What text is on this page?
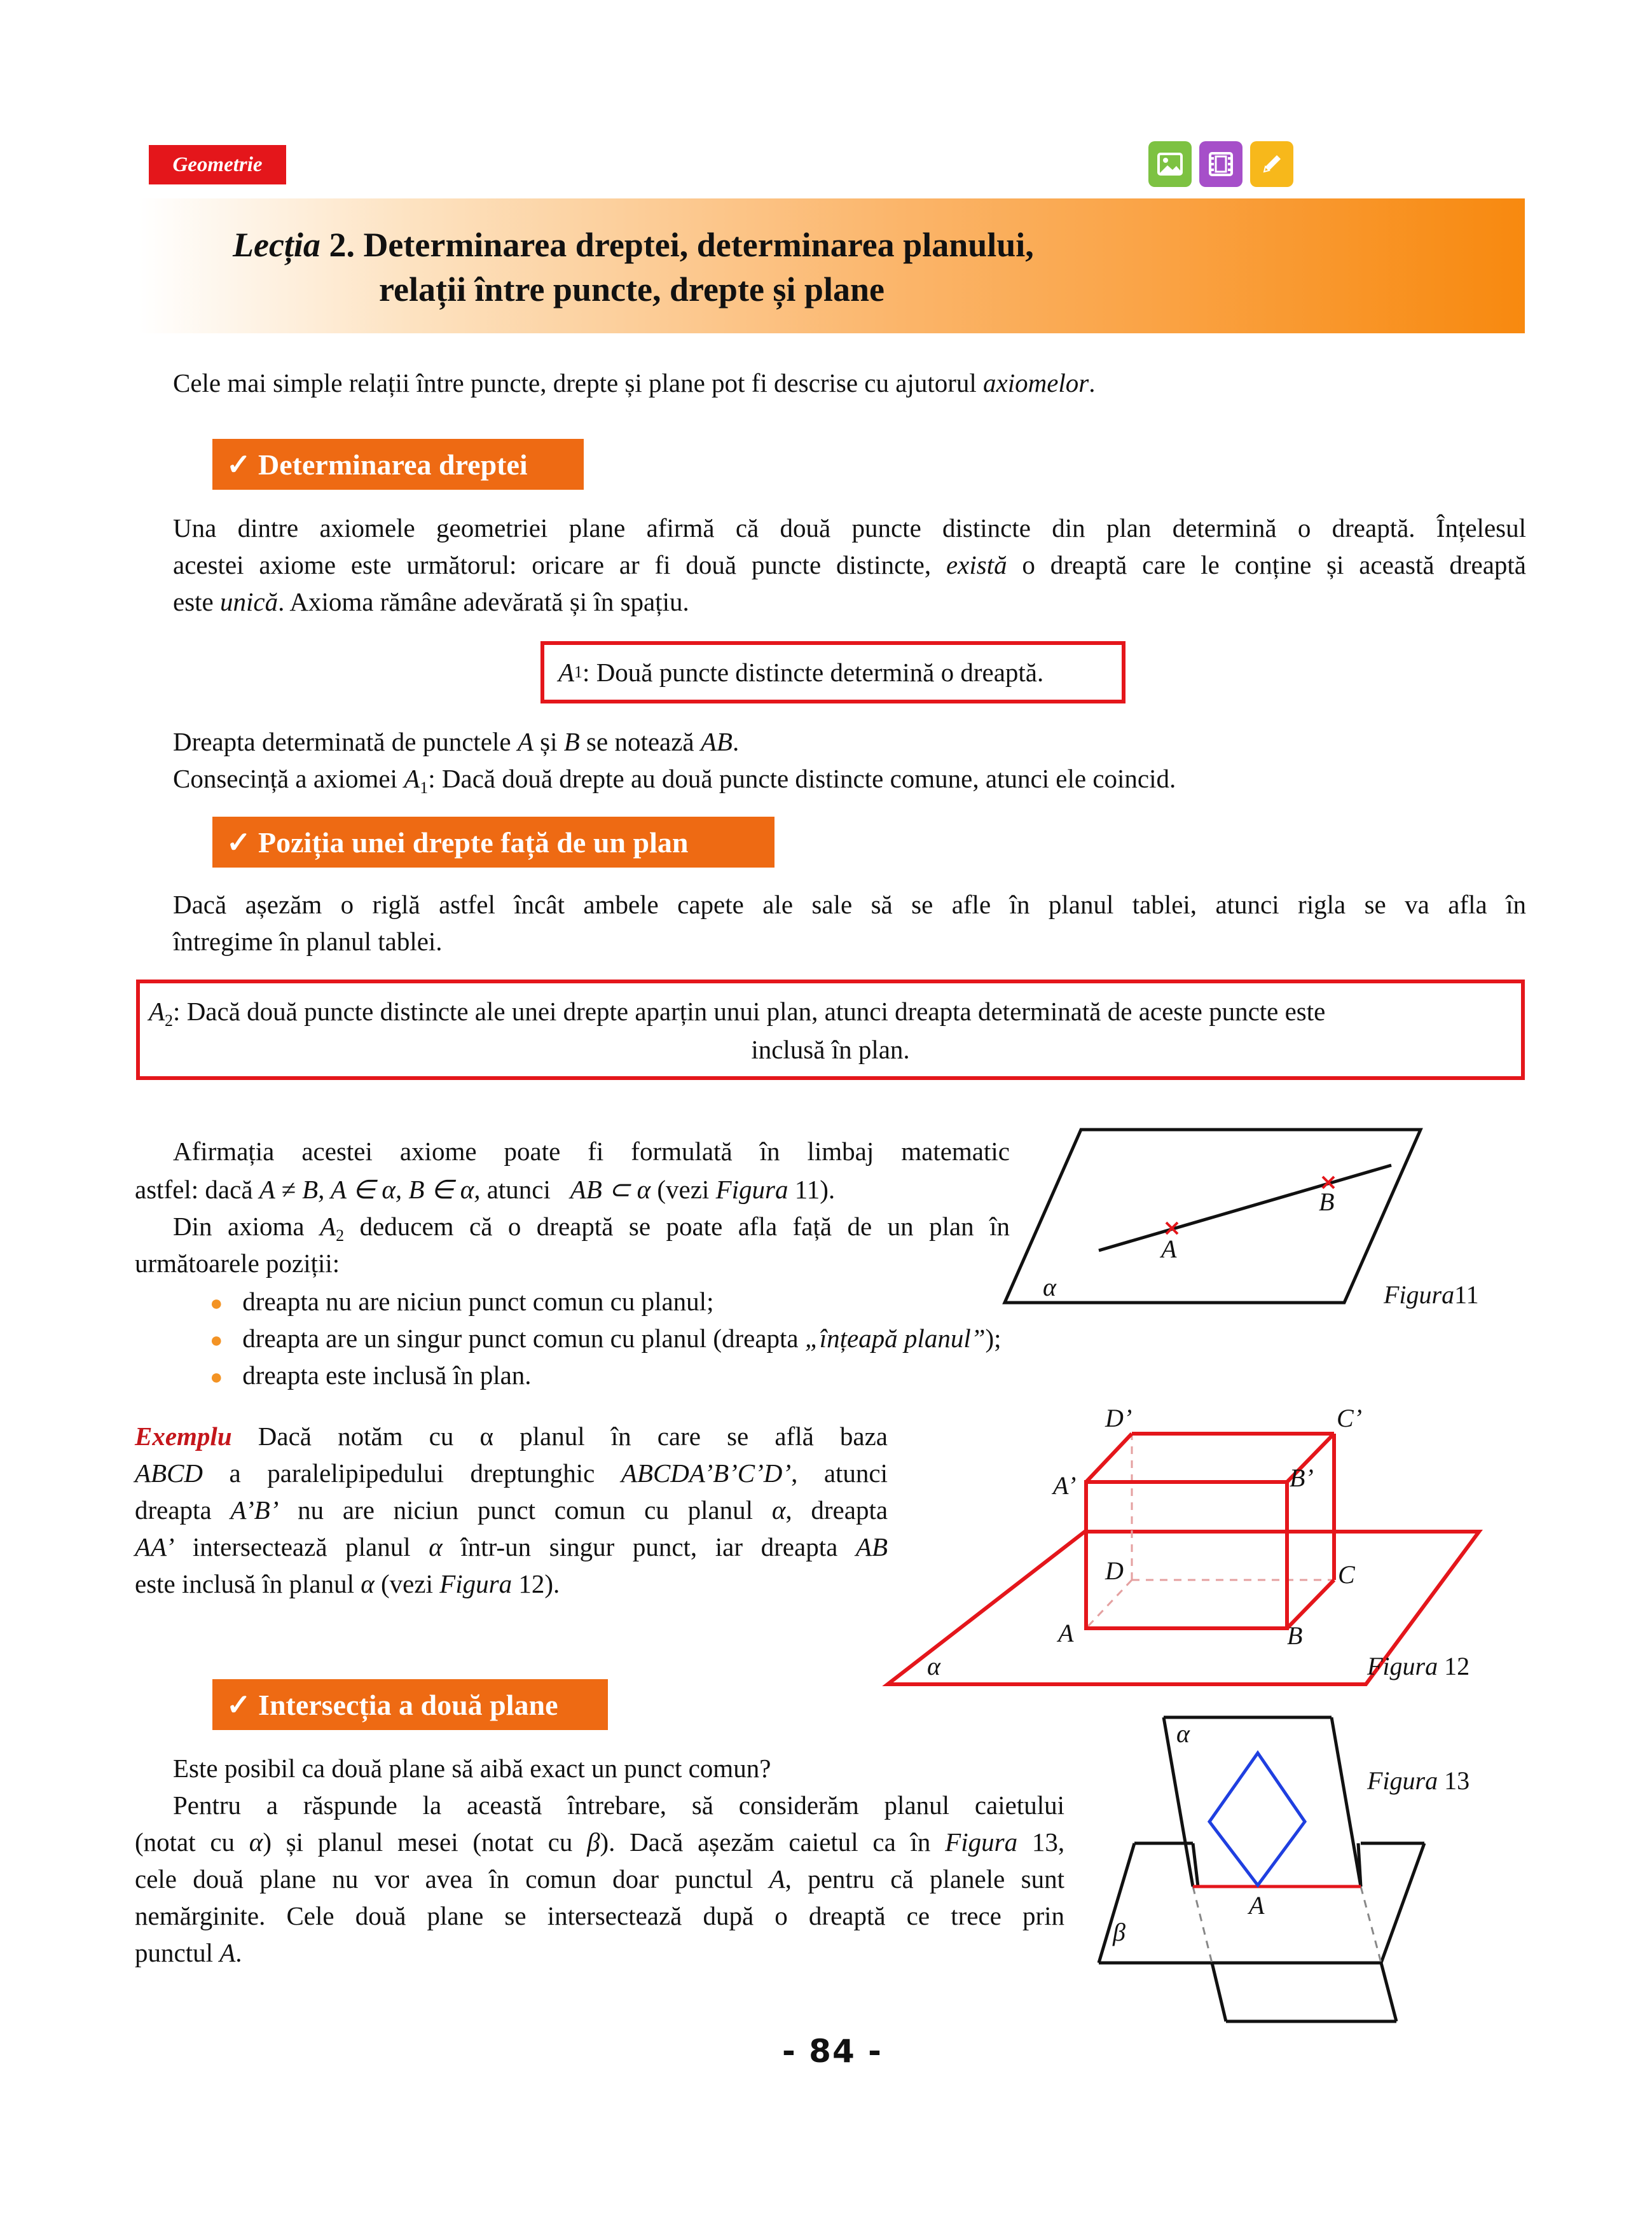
Geometrie
Lecția 2. Determinarea dreptei, determinarea planului,
relații între puncte, drepte și plane
Cele mai simple relații între puncte, drepte și plane pot fi descrise cu ajutorul axiomelor.
✓ Determinarea dreptei
Una dintre axiomele geometriei plane afirmă că două puncte distincte din plan determină o dreaptă. Înțelesul
acestei axiome este următorul: oricare ar fi două puncte distincte, există o dreaptă care le conține și această dreaptă
este unică. Axioma rămâne adevărată și în spațiu.
A 1 : Două puncte distincte determină o dreaptă.
Dreapta determinată de punctele A și B se notează AB.
Consecință a axiomei $A_1$: Dacă două drepte au două puncte distincte comune, atunci ele coincid.
✓ Poziția unei drepte față de un plan
Dacă așezăm o riglă astfel încât ambele capete ale sale să se afle în planul tablei, atunci rigla se va afla în
întregime în planul tablei.
$A_2$: Dacă două puncte distincte ale unei drepte aparțin unui plan, atunci dreapta determinată de aceste puncte este
inclusă în plan.
Afirmația acestei axiome poate fi formulată în limbaj matematic
astfel: dacă A ≠ B, A ∈ α, B ∈ α, atunci AB ⊂ α (vezi Figura 11).
Din axioma $A_2$ deducem că o dreaptă se poate afla față de un plan în
următoarele poziții:
● dreapta nu are niciun punct comun cu planul;
● dreapta are un singur punct comun cu planul (dreapta „înțeapă planul”);
● dreapta este inclusă în plan.
A
B
α	Figura11
Exemplu Dacă notăm cu α planul în care se află baza
ABCD a paralelipipedului dreptunghic ABCDA’B’C’D’, atunci
dreapta A’B’ nu are niciun punct comun cu planul α, dreapta
AA’ intersectează planul α într-un singur punct, iar dreapta AB
este inclusă în planul α (vezi Figura 12).
D’	C’
A’	B’
D	C
A	B
α	Figura 12
✓ Intersecția a două plane
Este posibil ca două plane să aibă exact un punct comun?
Pentru a răspunde la această întrebare, să considerăm planul caietului
(notat cu α) și planul mesei (notat cu β). Dacă așezăm caietul ca în Figura 13,
cele două plane nu vor avea în comun doar punctul A, pentru că planele sunt
nemărginite. Cele două plane se intersectează după o dreaptă ce trece prin
punctul A.
α
A
β
Figura 13
- 84 -
